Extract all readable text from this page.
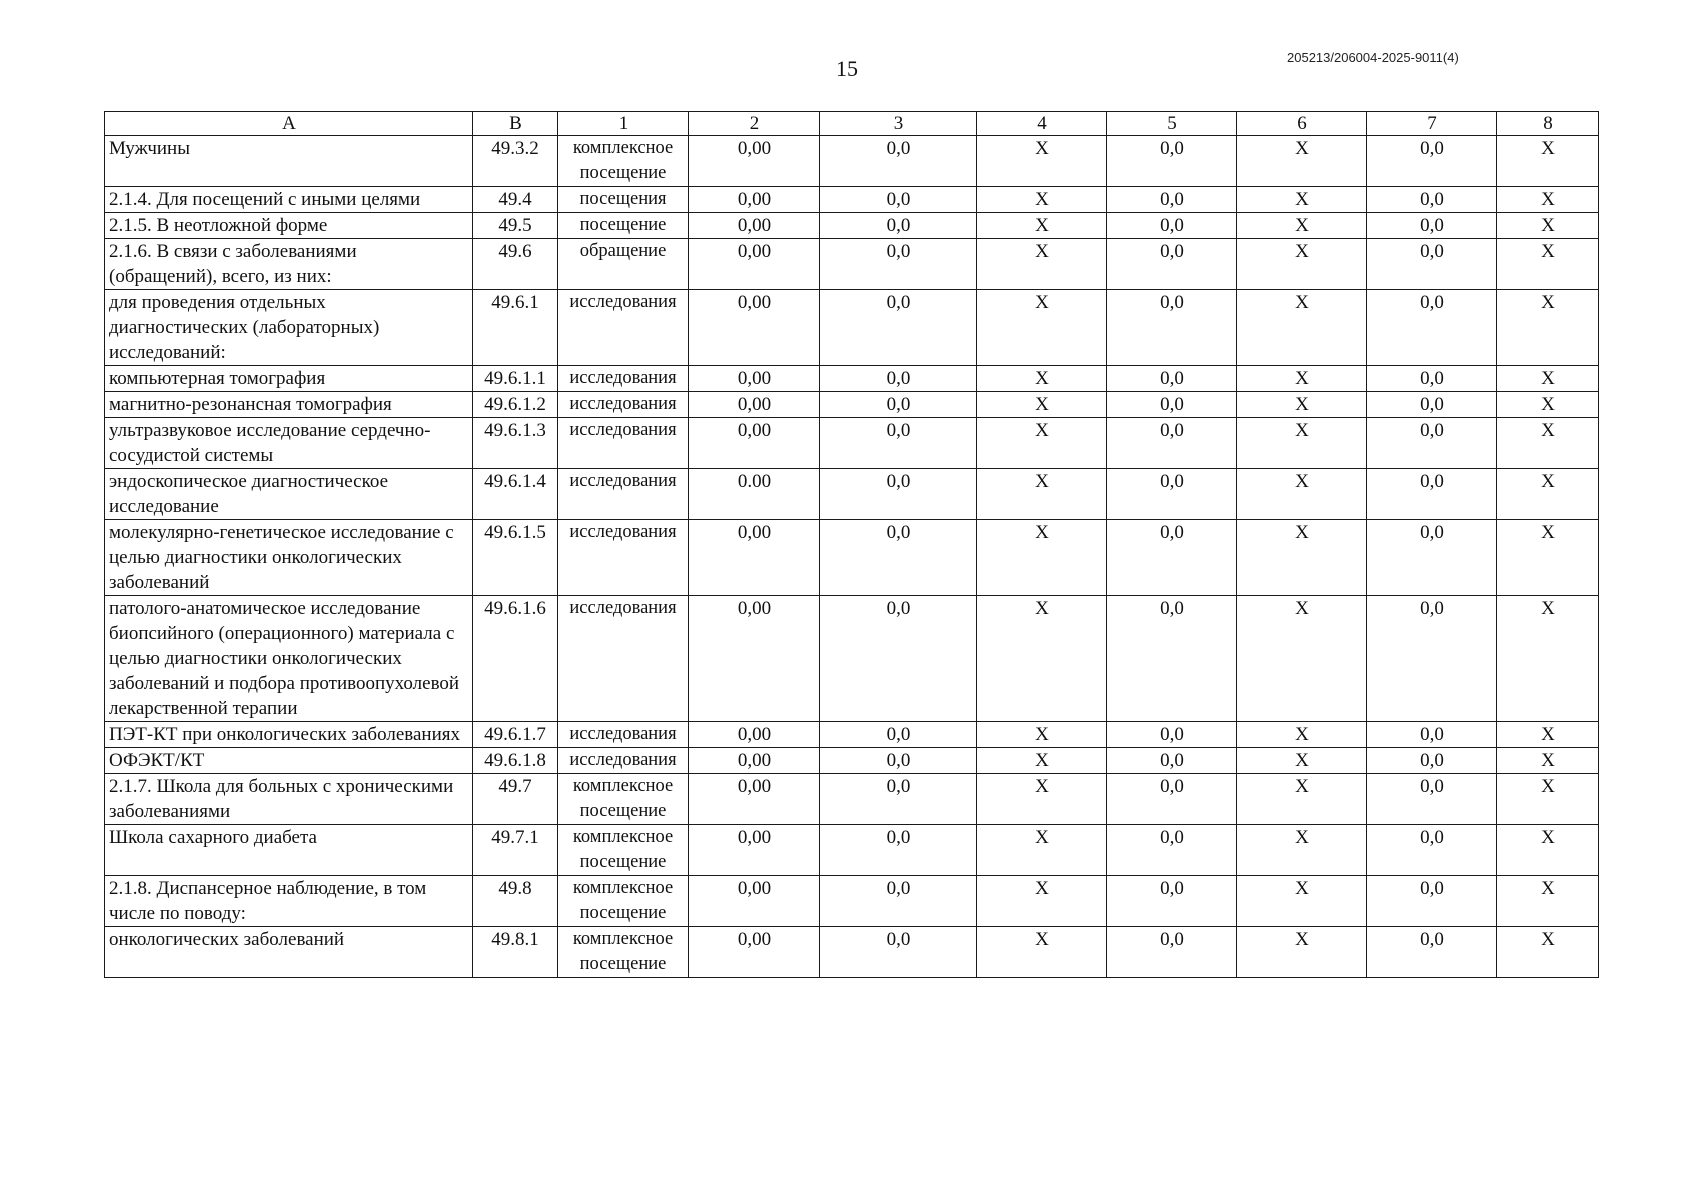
15	205213/206004-2025-9011(4)
A	B	1	2	3	4	5	6	7	8
Мужчины	49.3.2	комплексное посещение	0,00	0,0	Х	0,0	Х	0,0	Х
2.1.4. Для посещений с иными целями	49.4	посещения	0,00	0,0	Х	0,0	Х	0,0	Х
2.1.5. В неотложной форме	49.5	посещение	0,00	0,0	Х	0,0	Х	0,0	Х
2.1.6. В связи с заболеваниями (обращений), всего, из них:	49.6	обращение	0,00	0,0	Х	0,0	Х	0,0	Х
для проведения отдельных диагностических (лабораторных) исследований:	49.6.1	исследования	0,00	0,0	Х	0,0	Х	0,0	Х
компьютерная томография	49.6.1.1	исследования	0,00	0,0	Х	0,0	Х	0,0	Х
магнитно-резонансная томография	49.6.1.2	исследования	0,00	0,0	Х	0,0	Х	0,0	Х
ультразвуковое исследование сердечно-сосудистой системы	49.6.1.3	исследования	0,00	0,0	Х	0,0	Х	0,0	Х
эндоскопическое диагностическое исследование	49.6.1.4	исследования	0.00	0,0	Х	0,0	Х	0,0	Х
молекулярно-генетическое исследование с целью диагностики онкологических заболеваний	49.6.1.5	исследования	0,00	0,0	Х	0,0	Х	0,0	Х
патолого-анатомическое исследование биопсийного (операционного) материала с целью диагностики онкологических заболеваний и подбора противоопухолевой лекарственной терапии	49.6.1.6	исследования	0,00	0,0	Х	0,0	Х	0,0	Х
ПЭТ-КТ при онкологических заболеваниях	49.6.1.7	исследования	0,00	0,0	Х	0,0	Х	0,0	Х
ОФЭКТ/КТ	49.6.1.8	исследования	0,00	0,0	Х	0,0	Х	0,0	Х
2.1.7. Школа для больных с хроническими заболеваниями	49.7	комплексное посещение	0,00	0,0	Х	0,0	Х	0,0	Х
Школа сахарного диабета	49.7.1	комплексное посещение	0,00	0,0	Х	0,0	Х	0,0	Х
2.1.8. Диспансерное наблюдение, в том числе по поводу:	49.8	комплексное посещение	0,00	0,0	Х	0,0	Х	0,0	Х
онкологических заболеваний	49.8.1	комплексное посещение	0,00	0,0	Х	0,0	Х	0,0	Х
